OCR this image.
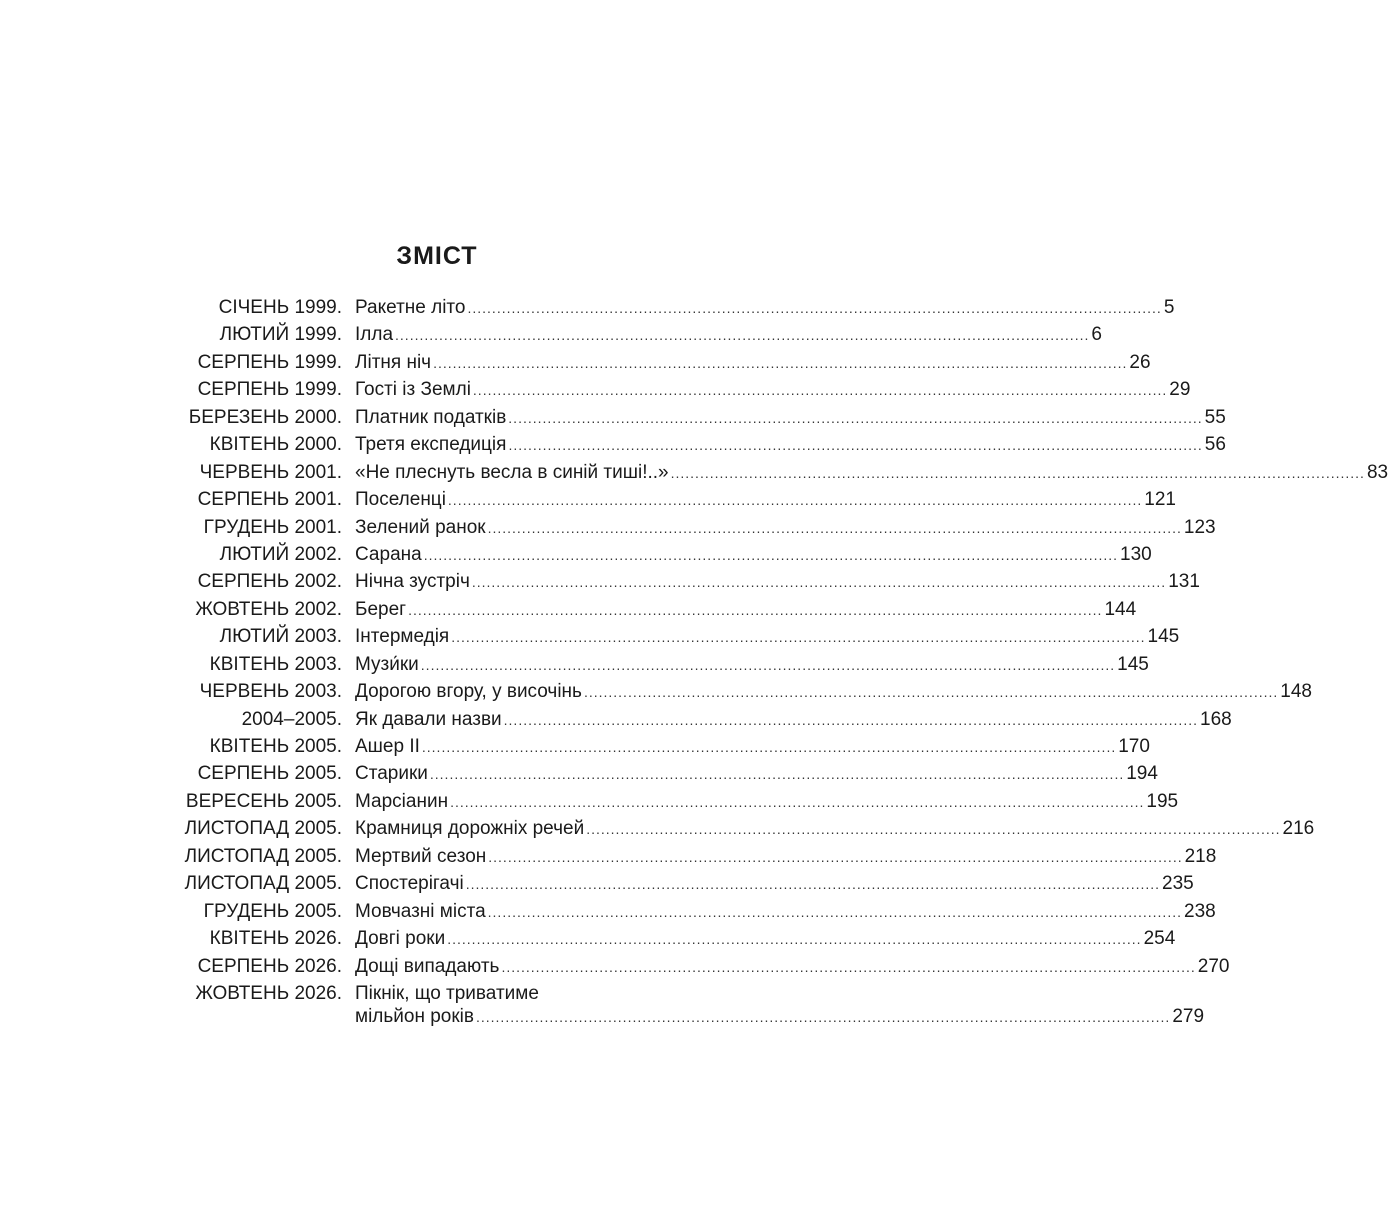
ЗМІСТ
СІЧЕНЬ 1999. Ракетне літо .....	5
ЛЮТИЙ 1999. Ілла .....	6
СЕРПЕНЬ 1999. Літня ніч .....	26
СЕРПЕНЬ 1999. Гості із Землі .....	29
БЕРЕЗЕНЬ 2000. Платник податків .....	55
КВІТЕНЬ 2000. Третя експедиція .....	56
ЧЕРВЕНЬ 2001. «Не плеснуть весла в синій тиші!..» .....	83
СЕРПЕНЬ 2001. Поселенці .....	121
ГРУДЕНЬ 2001. Зелений ранок .....	123
ЛЮТИЙ 2002. Сарана .....	130
СЕРПЕНЬ 2002. Нічна зустріч .....	131
ЖОВТЕНЬ 2002. Берег .....	144
ЛЮТИЙ 2003. Інтермедія .....	145
КВІТЕНЬ 2003. Музи́ки .....	145
ЧЕРВЕНЬ 2003. Дорогою вгору, у височінь .....	148
2004–2005. Як давали назви .....	168
КВІТЕНЬ 2005. Ашер II .....	170
СЕРПЕНЬ 2005. Старики .....	194
ВЕРЕСЕНЬ 2005. Марсіанин .....	195
ЛИСТОПАД 2005. Крамниця дорожніх речей .....	216
ЛИСТОПАД 2005. Мертвий сезон .....	218
ЛИСТОПАД 2005. Спостерігачі .....	235
ГРУДЕНЬ 2005. Мовчазні міста .....	238
КВІТЕНЬ 2026. Довгі роки .....	254
СЕРПЕНЬ 2026. Дощі випадають .....	270
ЖОВТЕНЬ 2026. Пікнік, що триватиме
мільйон років .....	279
